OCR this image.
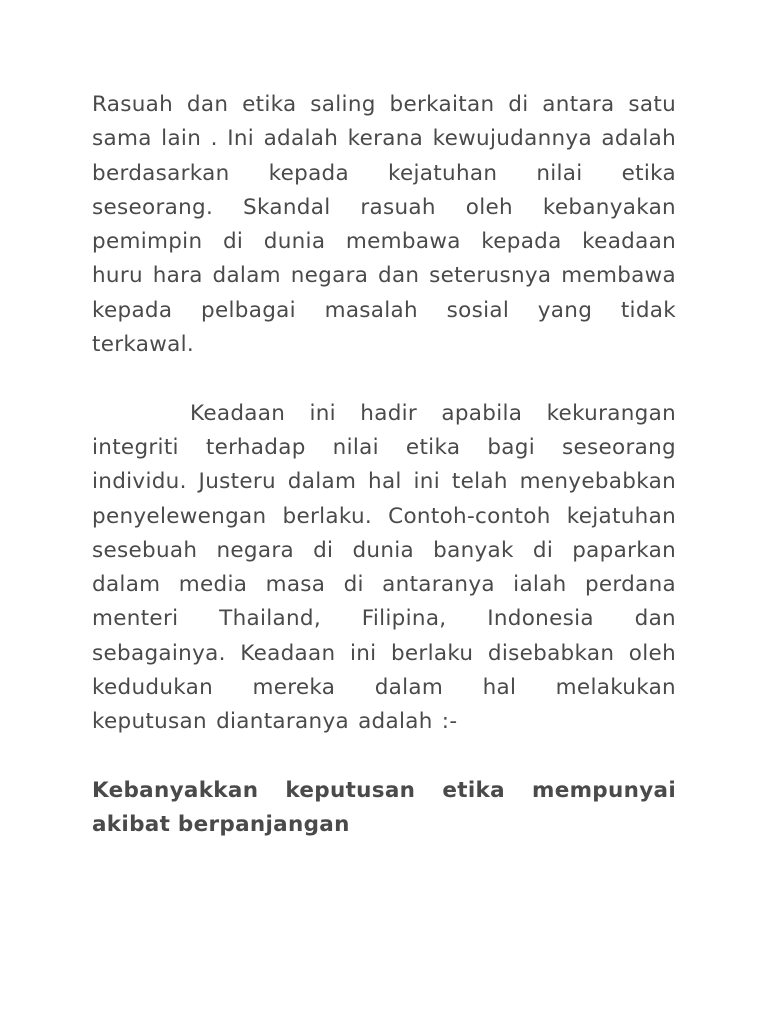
Rasuah dan etika saling berkaitan di antara satu sama lain . Ini adalah kerana kewujudannya adalah berdasarkan kepada kejatuhan nilai etika seseorang. Skandal rasuah oleh kebanyakan pemimpin di dunia membawa kepada keadaan huru hara dalam negara dan seterusnya membawa kepada pelbagai masalah sosial yang tidak terkawal.

Keadaan ini hadir apabila kekurangan integriti terhadap nilai etika bagi seseorang individu. Justeru dalam hal ini telah menyebabkan penyelewengan berlaku. Contoh-contoh kejatuhan sesebuah negara di dunia banyak di paparkan dalam media masa di antaranya ialah perdana menteri Thailand, Filipina, Indonesia dan sebagainya. Keadaan ini berlaku disebabkan oleh kedudukan mereka dalam hal melakukan keputusan diantaranya adalah :-

Kebanyakkan keputusan etika mempunyai akibat berpanjangan
